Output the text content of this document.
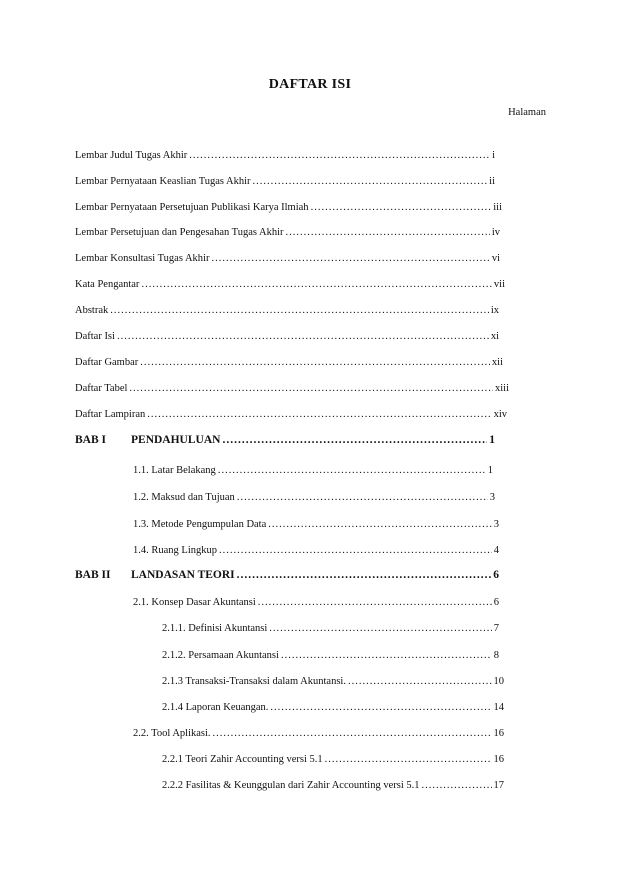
DAFTAR ISI
Halaman
Lembar Judul Tugas Akhir .....	i
Lembar Pernyataan Keaslian Tugas Akhir .....	ii
Lembar Pernyataan Persetujuan Publikasi Karya Ilmiah .....	iii
Lembar Persetujuan dan Pengesahan Tugas Akhir .....	iv
Lembar Konsultasi Tugas Akhir .....	vi
Kata Pengantar .....	vii
Abstrak .....	ix
Daftar Isi .....	xi
Daftar Gambar .....	xii
Daftar Tabel .....	xiii
Daftar Lampiran .....	xiv
BAB I	PENDAHULUAN .....	1
1.1. Latar Belakang .....	1
1.2. Maksud dan Tujuan .....	3
1.3. Metode Pengumpulan Data .....	3
1.4. Ruang Lingkup .....	4
BAB II	LANDASAN TEORI .....	6
2.1. Konsep Dasar Akuntansi .....	6
2.1.1. Definisi Akuntansi .....	7
2.1.2. Persamaan Akuntansi .....	8
2.1.3 Transaksi-Transaksi dalam Akuntansi. .....	10
2.1.4 Laporan Keuangan. .....	14
2.2. Tool Aplikasi. .....	16
2.2.1 Teori Zahir Accounting versi 5.1 .....	16
2.2.2 Fasilitas & Keunggulan dari Zahir Accounting versi 5.1 .....	17
